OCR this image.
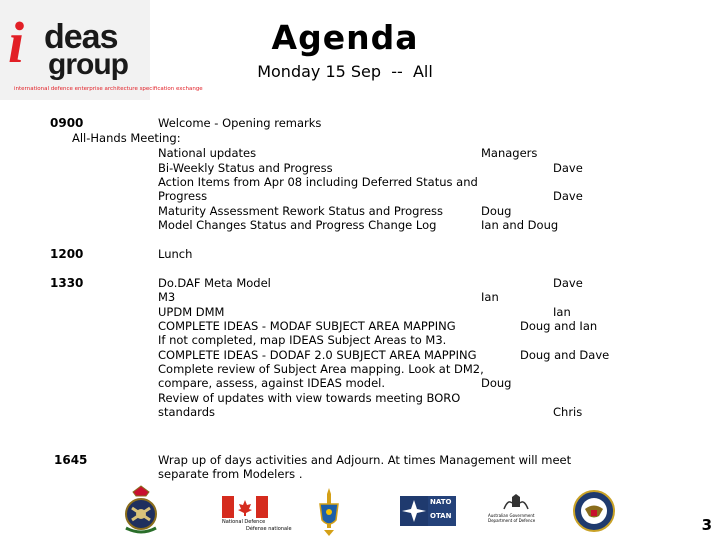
i deas
group
international defence enterprise architecture specification exchange
Agenda
Monday 15 Sep  --  All
0900	Welcome - Opening remarks
All-Hands Meeting:
National updates	Managers
Bi-Weekly Status and Progress	Dave
Action Items from Apr 08 including Deferred Status and
Progress	Dave
Maturity Assessment Rework Status and Progress	Doug
Model Changes Status and Progress Change Log	Ian and Doug
1200	Lunch
1330	Do.DAF Meta Model	Dave
M3	Ian
UPDM DMM	Ian
COMPLETE IDEAS - MODAF SUBJECT AREA MAPPING	Doug and Ian
If not completed, map IDEAS Subject Areas to M3.
COMPLETE IDEAS - DODAF 2.0 SUBJECT AREA MAPPING	Doug and Dave
Complete review of Subject Area mapping. Look at DM2,
compare, assess, against IDEAS model.	Doug
Review of updates with view towards meeting BORO
standards	Chris
1645	Wrap up of days activities and Adjourn. At times Management will meet
separate from Modelers .
National Defence
Défense nationale
NATO
OTAN	Australian Government Department of Defence	3
